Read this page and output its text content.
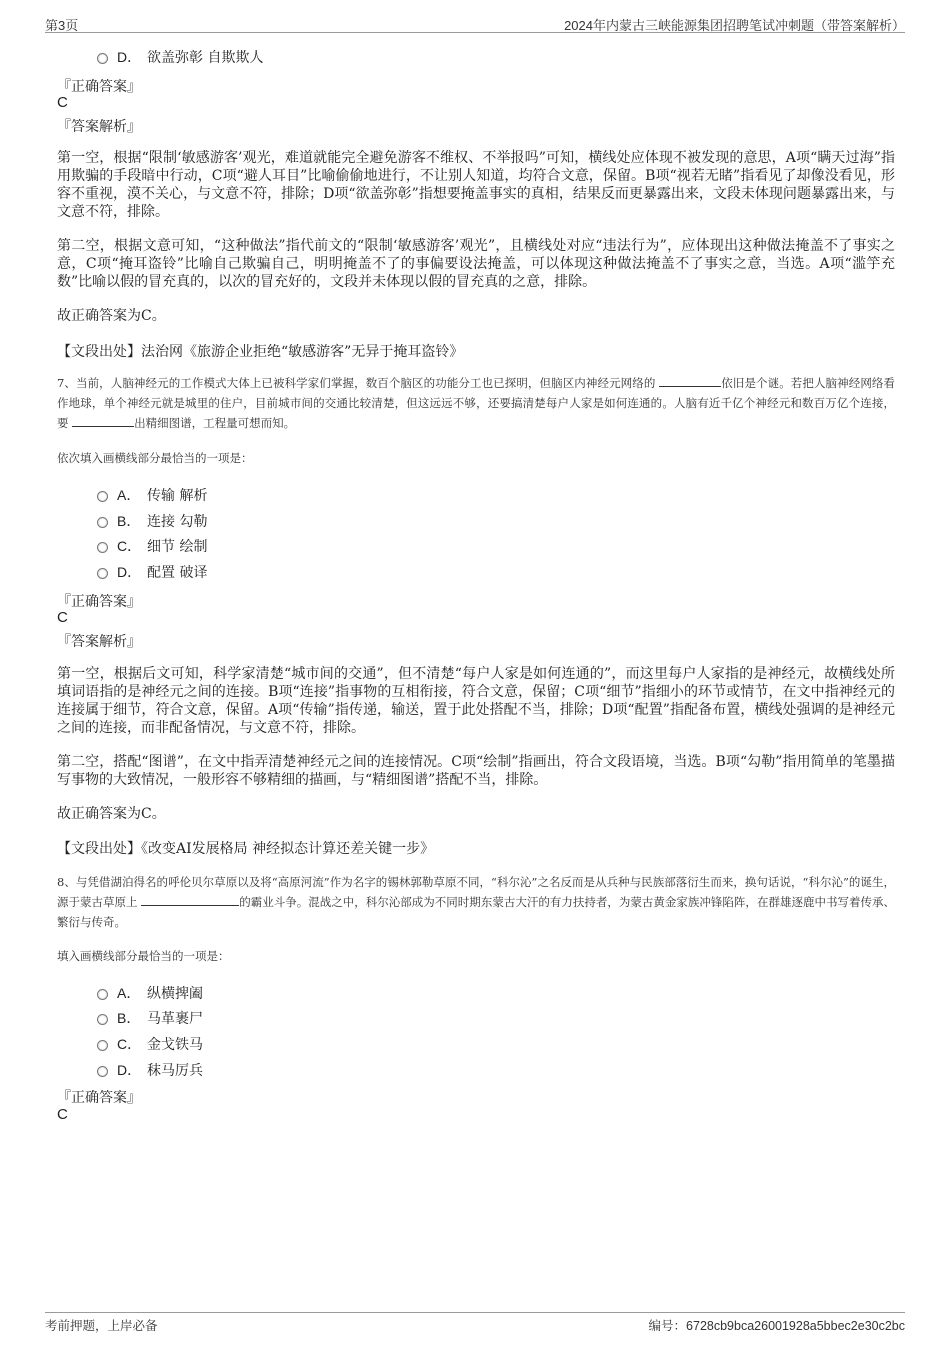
第3页	2024年内蒙古三峡能源集团招聘笔试冲刺题（带答案解析）
D． 欲盖弥彰 自欺欺人
『正确答案』
C
『答案解析』
第一空，根据“限制‘敏感游客’观光，难道就能完全避免游客不维权、不举报吗”可知，横线处应体现不被发现的意思，A项“瞒天过海”指用欺骗的手段暗中行动，C项“避人耳目”比喻偷偷地进行，不让别人知道，均符合文意，保留。B项“视若无睹”指看见了却像没看见，形容不重视，漠不关心，与文意不符，排除；D项“欲盖弥彰”指想要掩盖事实的真相，结果反而更暴露出来，文段未体现问题暴露出来，与文意不符，排除。
第二空，根据文意可知，“这种做法”指代前文的“限制‘敏感游客’观光”，且横线处对应“违法行为”，应体现出这种做法掩盖不了事实之意，C项“掩耳盗铃”比喻自己欺骗自己，明明掩盖不了的事偏要设法掩盖，可以体现这种做法掩盖不了事实之意，当选。A项“滥竽充数”比喻以假的冒充真的，以次的冒充好的，文段并未体现以假的冒充真的之意，排除。
故正确答案为C。
【文段出处】法治网《旅游企业拒绝“敏感游客”无异于掩耳盗铃》
7、当前，人脑神经元的工作模式大体上已被科学家们掌握，数百个脑区的功能分工也已探明，但脑区内神经元网络的	依旧是个谜。若把人脑神经网络看作地球，单个神经元就是城里的住户，目前城市间的交通比较清楚，但这远远不够，还要搞清楚每户人家是如何连通的。人脑有近千亿个神经元和数百万亿个连接，要	出精细图谱，工程量可想而知。
依次填入画横线部分最恰当的一项是：
A． 传输 解析
B． 连接 勾勒
C． 细节 绘制
D． 配置 破译
『正确答案』
C
『答案解析』
第一空，根据后文可知，科学家清楚“城市间的交通”，但不清楚“每户人家是如何连通的”，而这里每户人家指的是神经元，故横线处所填词语指的是神经元之间的连接。B项“连接”指事物的互相衔接，符合文意，保留；C项“细节”指细小的环节或情节，在文中指神经元的连接属于细节，符合文意，保留。A项“传输”指传递，输送，置于此处搭配不当，排除；D项“配置”指配备布置，横线处强调的是神经元之间的连接，而非配备情况，与文意不符，排除。
第二空，搭配“图谱”，在文中指弄清楚神经元之间的连接情况。C项“绘制”指画出，符合文段语境，当选。B项“勾勒”指用简单的笔墨描写事物的大致情况，一般形容不够精细的描画，与“精细图谱”搭配不当，排除。
故正确答案为C。
【文段出处】《改变AI发展格局 神经拟态计算还差关键一步》
8、与凭借湖泊得名的呼伦贝尔草原以及将“高原河流”作为名字的锡林郭勒草原不同，“科尔沁”之名反而是从兵种与民族部落衍生而来，换句话说，“科尔沁”的诞生，源于蒙古草原上	的霸业斗争。混战之中，科尔沁部成为不同时期东蒙古大汗的有力扶持者，为蒙古黄金家族冲锋陷阵，在群雄逐鹿中书写着传承、繁衍与传奇。
填入画横线部分最恰当的一项是：
A． 纵横捭阖
B． 马革裹尸
C． 金戈铁马
D． 秣马厉兵
『正确答案』
C
考前押题，上岸必备	编号：6728cb9bca26001928a5bbec2e30c2bc
